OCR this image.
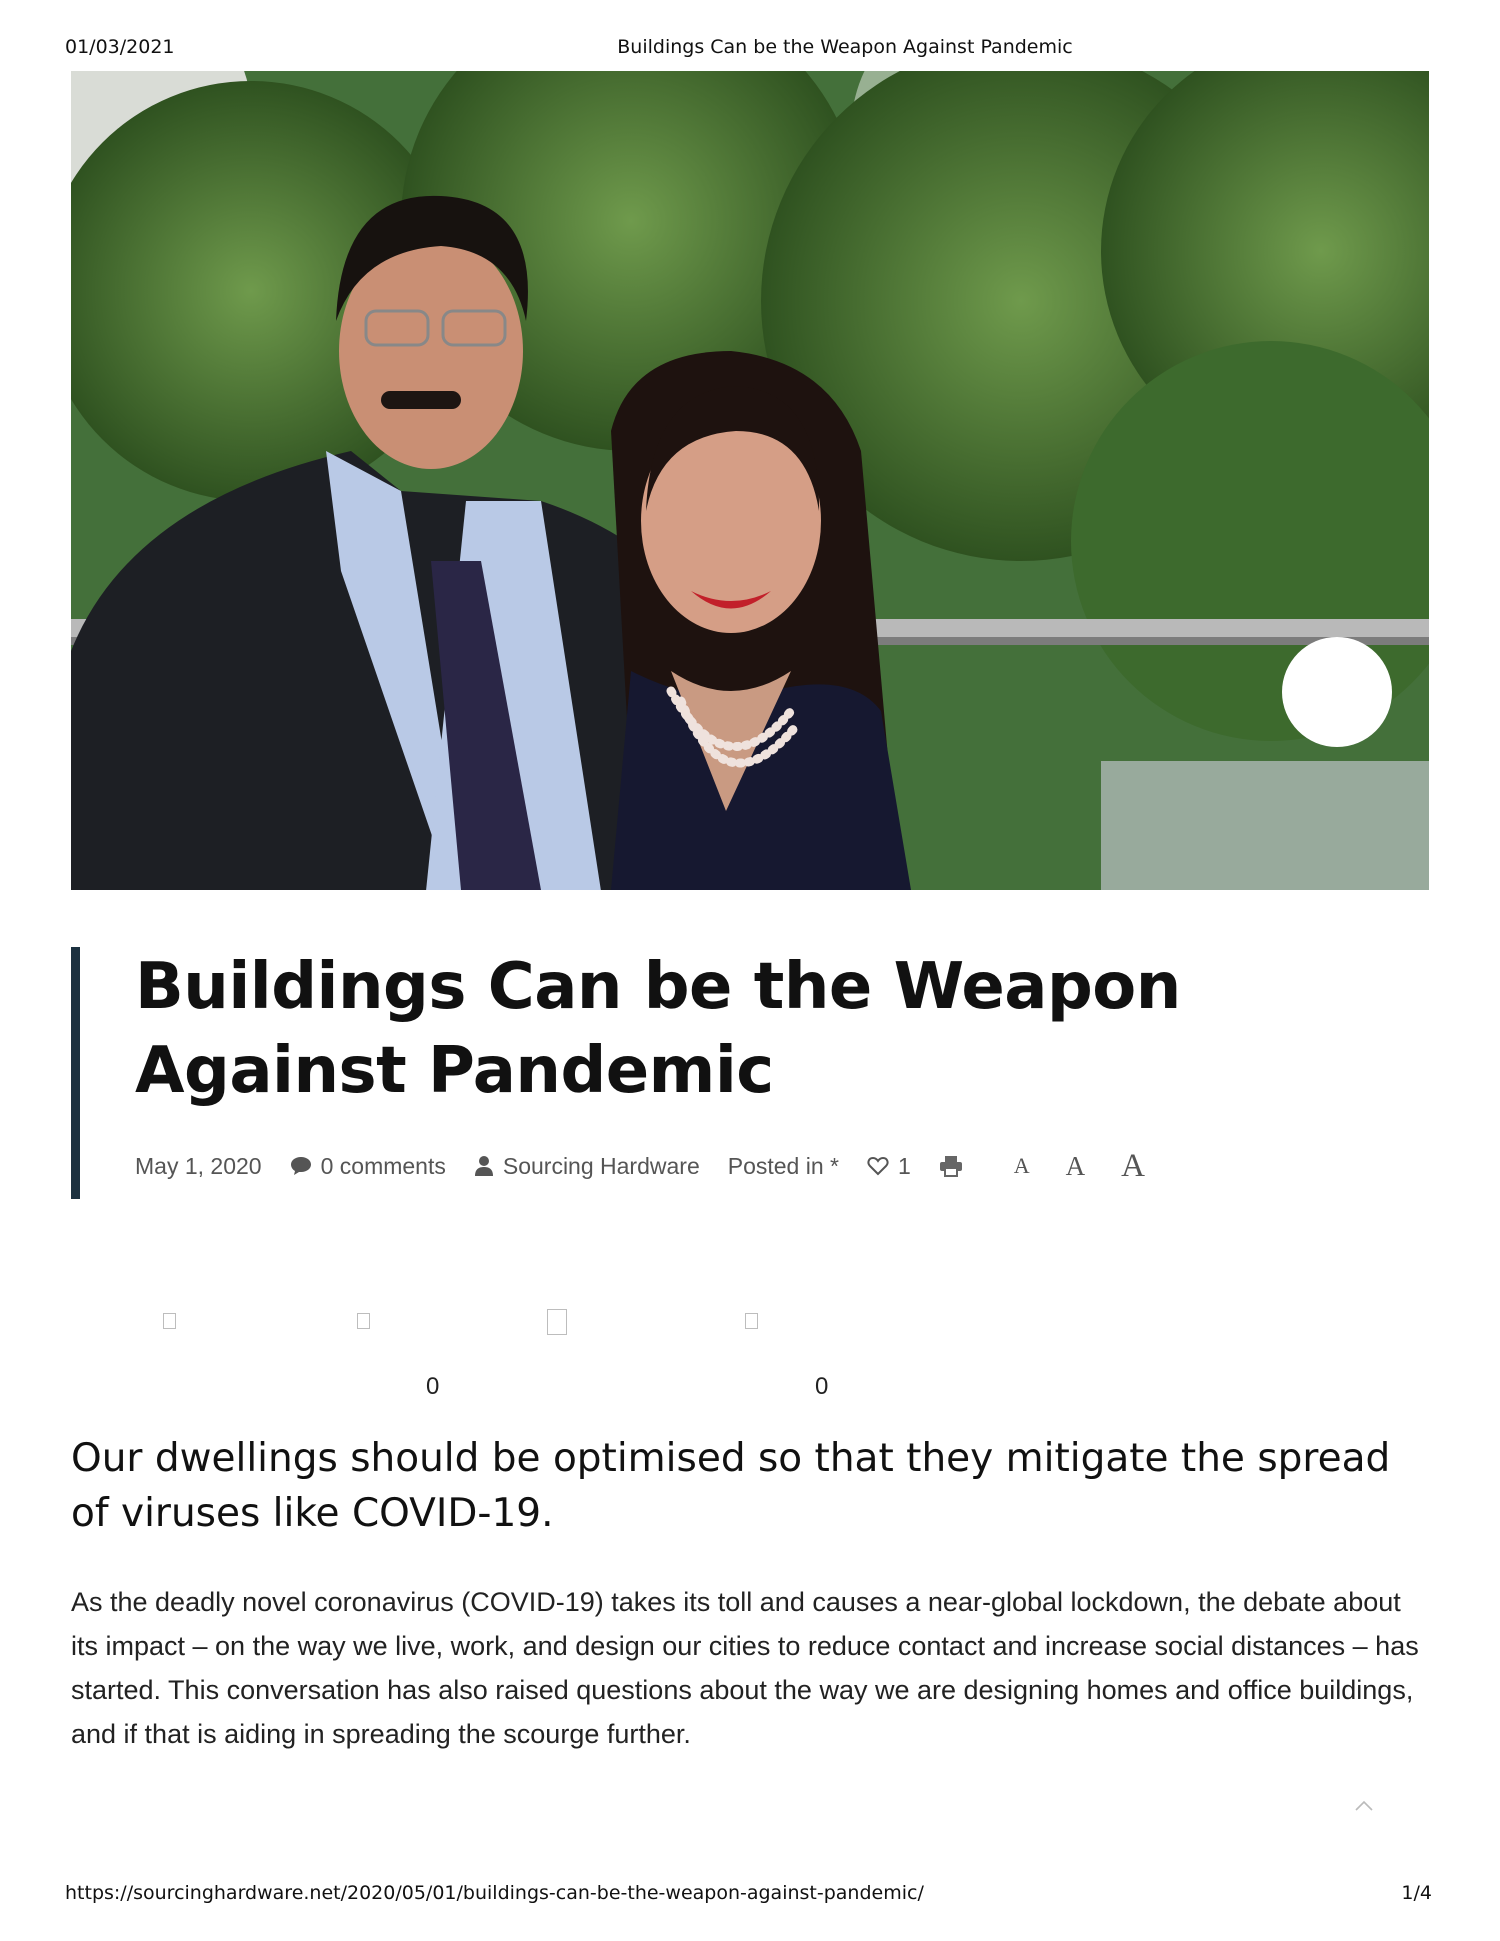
01/03/2021	Buildings Can be the Weapon Against Pandemic
Buildings Can be the Weapon Against Pandemic
May 1, 2020	0 comments Sourcing Hardware Posted in *	1	A A A
0	0
Our dwellings should be optimised so that they mitigate the spread of viruses like COVID-19.

As the deadly novel coronavirus (COVID-19) takes its toll and causes a near-global lockdown, the debate about its impact – on the way we live, work, and design our cities to reduce contact and increase social distances – has started. This conversation has also raised questions about the way we are designing homes and office buildings, and if that is aiding in spreading the scourge further.

https://sourcinghardware.net/2020/05/01/buildings-can-be-the-weapon-against-pandemic/	1/4
